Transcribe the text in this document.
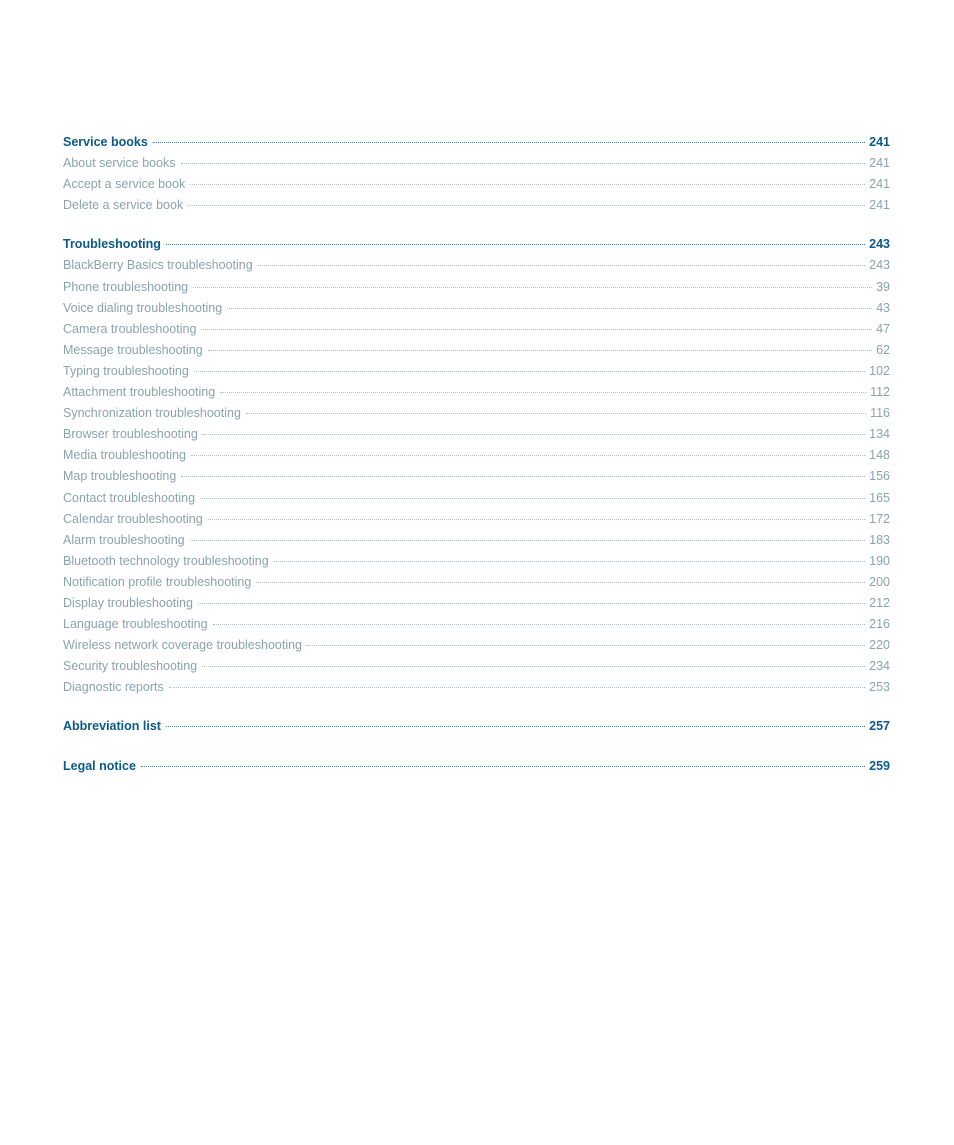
Service books	241
About service books	241
Accept a service book	241
Delete a service book	241
Troubleshooting	243
BlackBerry Basics troubleshooting	243
Phone troubleshooting	39
Voice dialing troubleshooting	43
Camera troubleshooting	47
Message troubleshooting	62
Typing troubleshooting	102
Attachment troubleshooting	112
Synchronization troubleshooting	116
Browser troubleshooting	134
Media troubleshooting	148
Map troubleshooting	156
Contact troubleshooting	165
Calendar troubleshooting	172
Alarm troubleshooting	183
Bluetooth technology troubleshooting	190
Notification profile troubleshooting	200
Display troubleshooting	212
Language troubleshooting	216
Wireless network coverage troubleshooting	220
Security troubleshooting	234
Diagnostic reports	253
Abbreviation list	257
Legal notice	259
